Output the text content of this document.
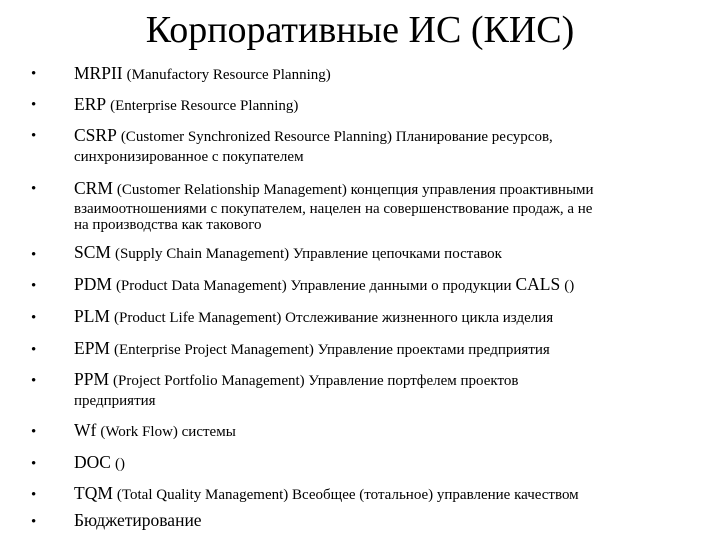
Корпоративные ИС (КИС)
• MRPII (Manufactory Resource Planning)
• ERP (Enterprise Resource Planning)
• CSRP (Customer Synchronized Resource Planning) Планирование ресурсов,
синхронизированное с покупателем
• CRM (Customer Relationship Management) концепция управления проактивными
взаимоотношениями с покупателем, нацелен на совершенствование продаж, а не
на производства как такового
• SCM (Supply Chain Management) Управление цепочками поставок
• PDM (Product Data Management) Управление данными о продукции CALS ()
• PLM (Product Life Management) Отслеживание жизненного цикла изделия
• EPM (Enterprise Project Management) Управление проектами предприятия
• PPM (Project Portfolio Management) Управление портфелем проектов
предприятия
• Wf (Work Flow) системы
• DOC ()
• TQM (Total Quality Management) Всеобщее (тотальное) управление качеством
• Бюджетирование
